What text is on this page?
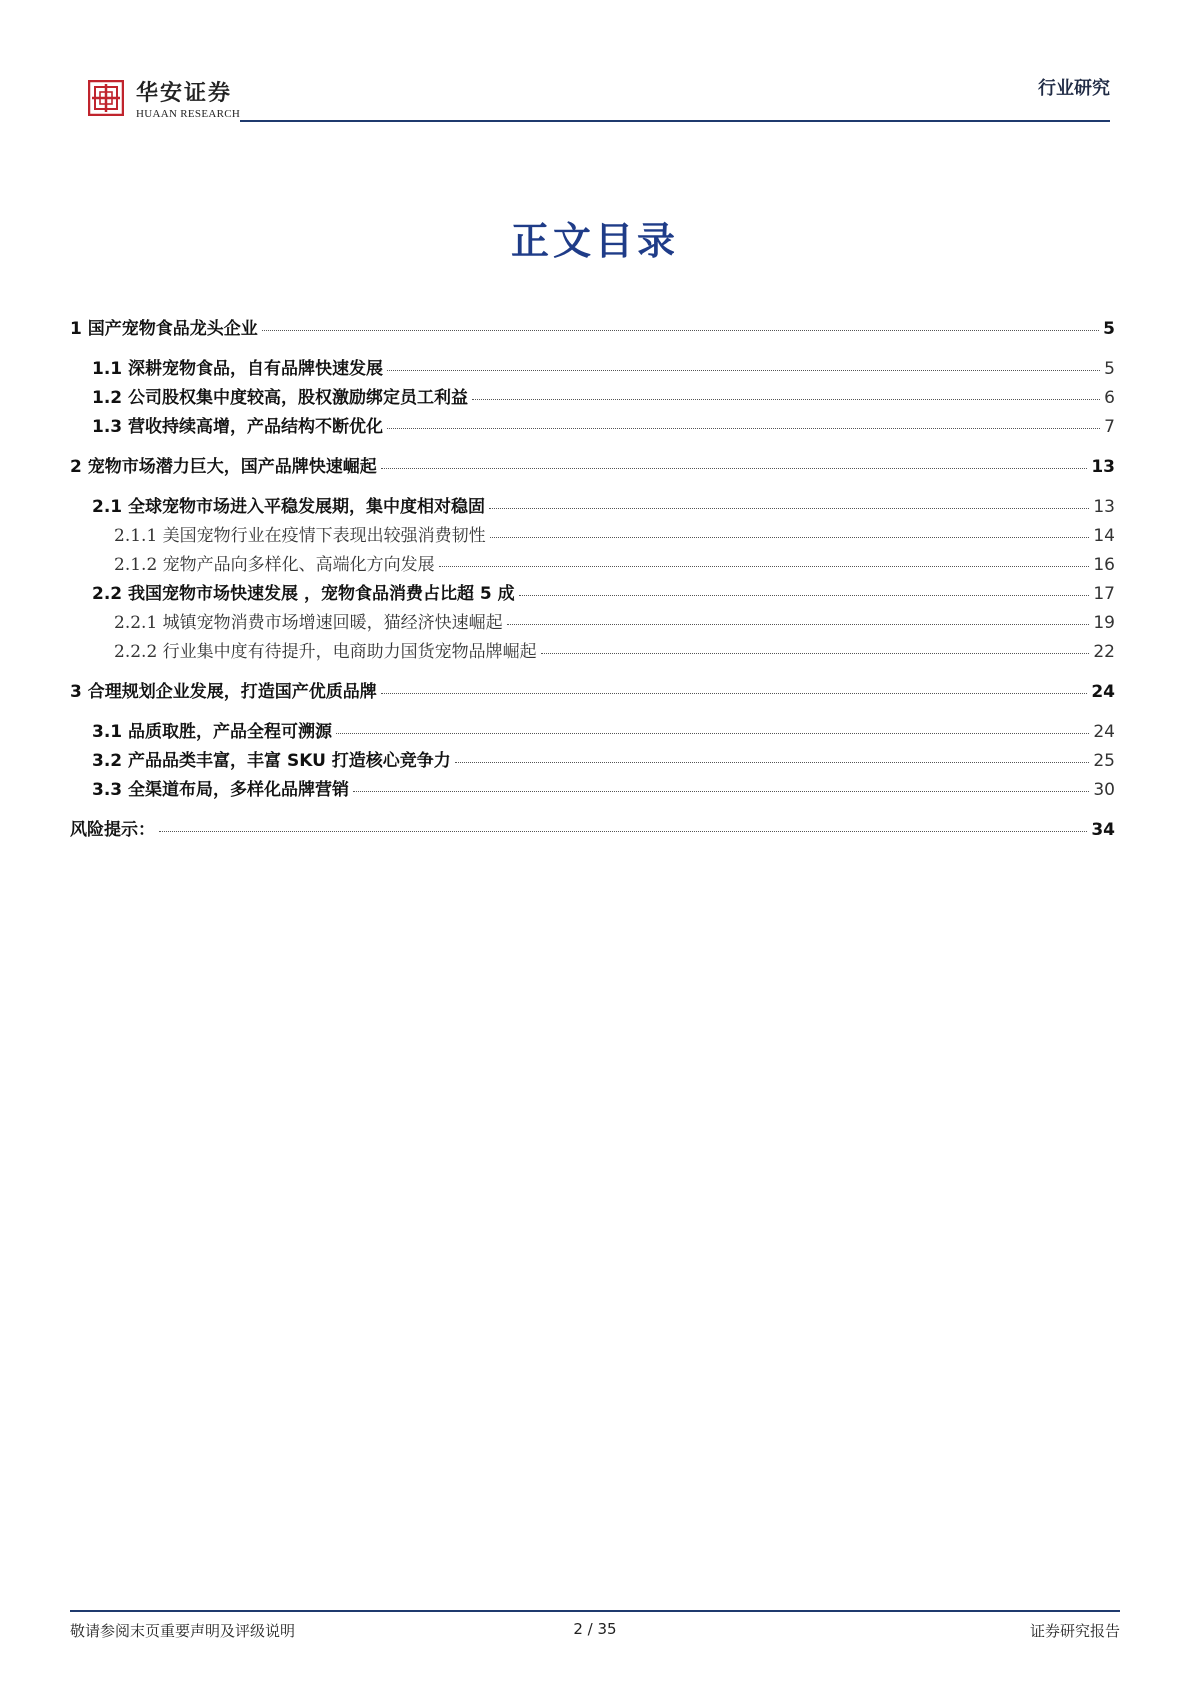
华安证券
HUAAN RESEARCH
行业研究
正文目录
1 国产宠物食品龙头企业	5
1.1 深耕宠物食品，自有品牌快速发展	5
1.2 公司股权集中度较高，股权激励绑定员工利益	6
1.3 营收持续高增，产品结构不断优化	7
2 宠物市场潜力巨大，国产品牌快速崛起	13
2.1 全球宠物市场进入平稳发展期，集中度相对稳固	13
2.1.1 美国宠物行业在疫情下表现出较强消费韧性	14
2.1.2 宠物产品向多样化、高端化方向发展	16
2.2 我国宠物市场快速发展 ，宠物食品消费占比超 5 成	17
2.2.1 城镇宠物消费市场增速回暖，猫经济快速崛起	19
2.2.2 行业集中度有待提升，电商助力国货宠物品牌崛起	22
3 合理规划企业发展，打造国产优质品牌	24
3.1 品质取胜，产品全程可溯源	24
3.2 产品品类丰富，丰富 SKU 打造核心竞争力	25
3.3 全渠道布局，多样化品牌营销	30
风险提示：	34
敬请参阅末页重要声明及评级说明	2 / 35	证券研究报告
